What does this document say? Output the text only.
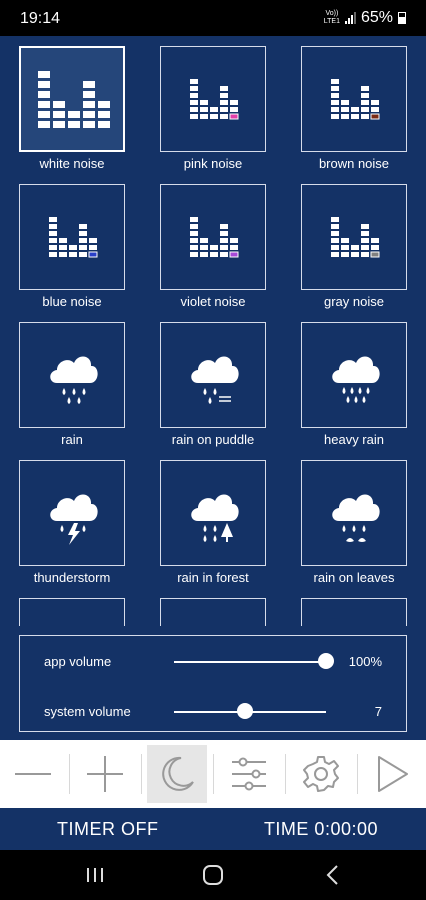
19:14	Vo))
LTE1 65%
white noise	pink noise	brown noise
blue noise	violet noise	gray noise
rain	rain on puddle	heavy rain
thunderstorm	rain in forest	rain on leaves
app volume	100%
system volume	7
TIMER OFF	TIME 0:00:00
